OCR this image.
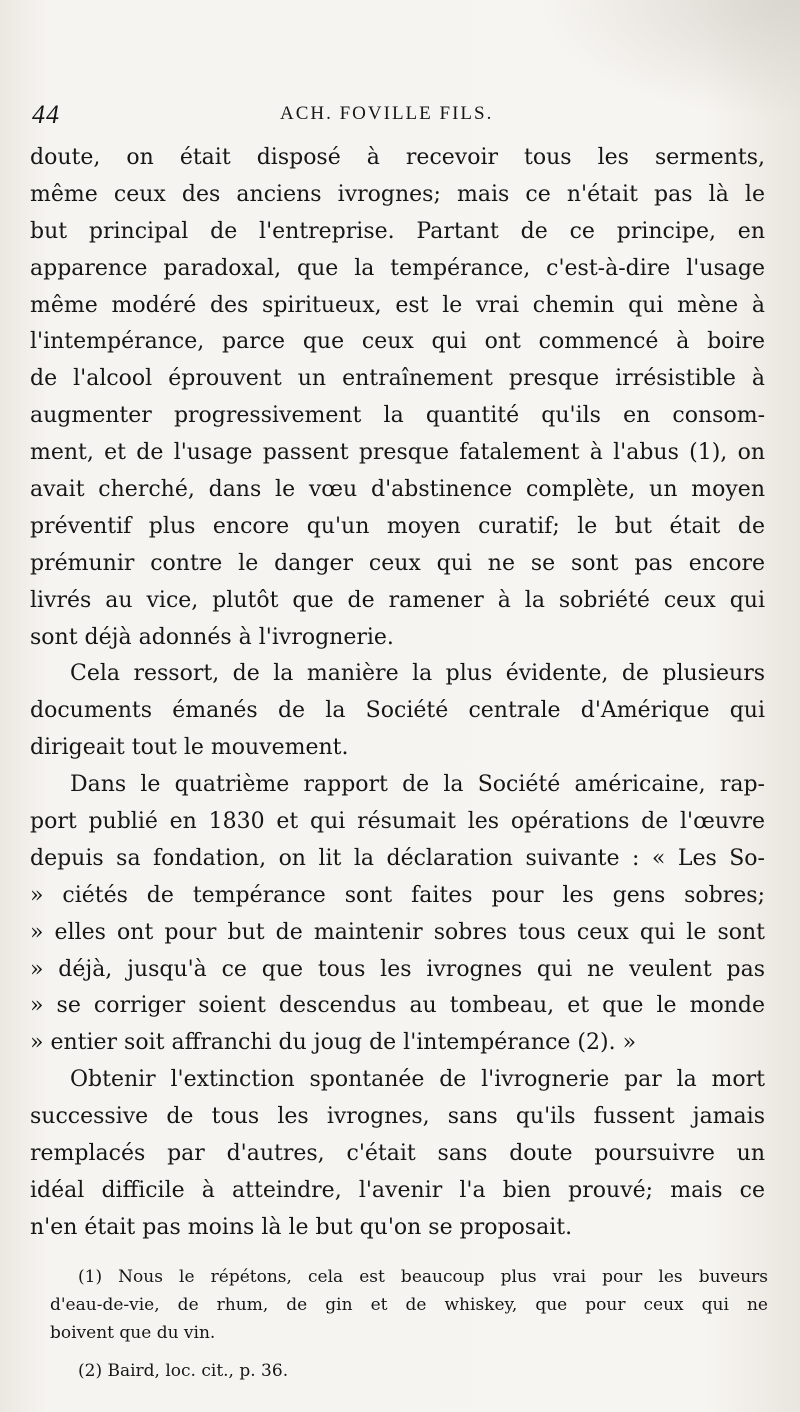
44	ACH. FOVILLE FILS.
doute, on était disposé à recevoir tous les serments,
même ceux des anciens ivrognes; mais ce n'était pas là le
but principal de l'entreprise. Partant de ce principe, en
apparence paradoxal, que la tempérance, c'est-à-dire l'usage
même modéré des spiritueux, est le vrai chemin qui mène à
l'intempérance, parce que ceux qui ont commencé à boire
de l'alcool éprouvent un entraînement presque irrésistible à
augmenter progressivement la quantité qu'ils en consom-
ment, et de l'usage passent presque fatalement à l'abus (1), on
avait cherché, dans le vœu d'abstinence complète, un moyen
préventif plus encore qu'un moyen curatif; le but était de
prémunir contre le danger ceux qui ne se sont pas encore
livrés au vice, plutôt que de ramener à la sobriété ceux qui
sont déjà adonnés à l'ivrognerie.
Cela ressort, de la manière la plus évidente, de plusieurs
documents émanés de la Société centrale d'Amérique qui
dirigeait tout le mouvement.
Dans le quatrième rapport de la Société américaine, rap-
port publié en 1830 et qui résumait les opérations de l'œuvre
depuis sa fondation, on lit la déclaration suivante : « Les So-
» ciétés de tempérance sont faites pour les gens sobres;
» elles ont pour but de maintenir sobres tous ceux qui le sont
» déjà, jusqu'à ce que tous les ivrognes qui ne veulent pas
» se corriger soient descendus au tombeau, et que le monde
» entier soit affranchi du joug de l'intempérance (2). »
Obtenir l'extinction spontanée de l'ivrognerie par la mort
successive de tous les ivrognes, sans qu'ils fussent jamais
remplacés par d'autres, c'était sans doute poursuivre un
idéal difficile à atteindre, l'avenir l'a bien prouvé; mais ce
n'en était pas moins là le but qu'on se proposait.
(1) Nous le répétons, cela est beaucoup plus vrai pour les buveurs
d'eau-de-vie, de rhum, de gin et de whiskey, que pour ceux qui ne
boivent que du vin.
(2) Baird, loc. cit., p. 36.
